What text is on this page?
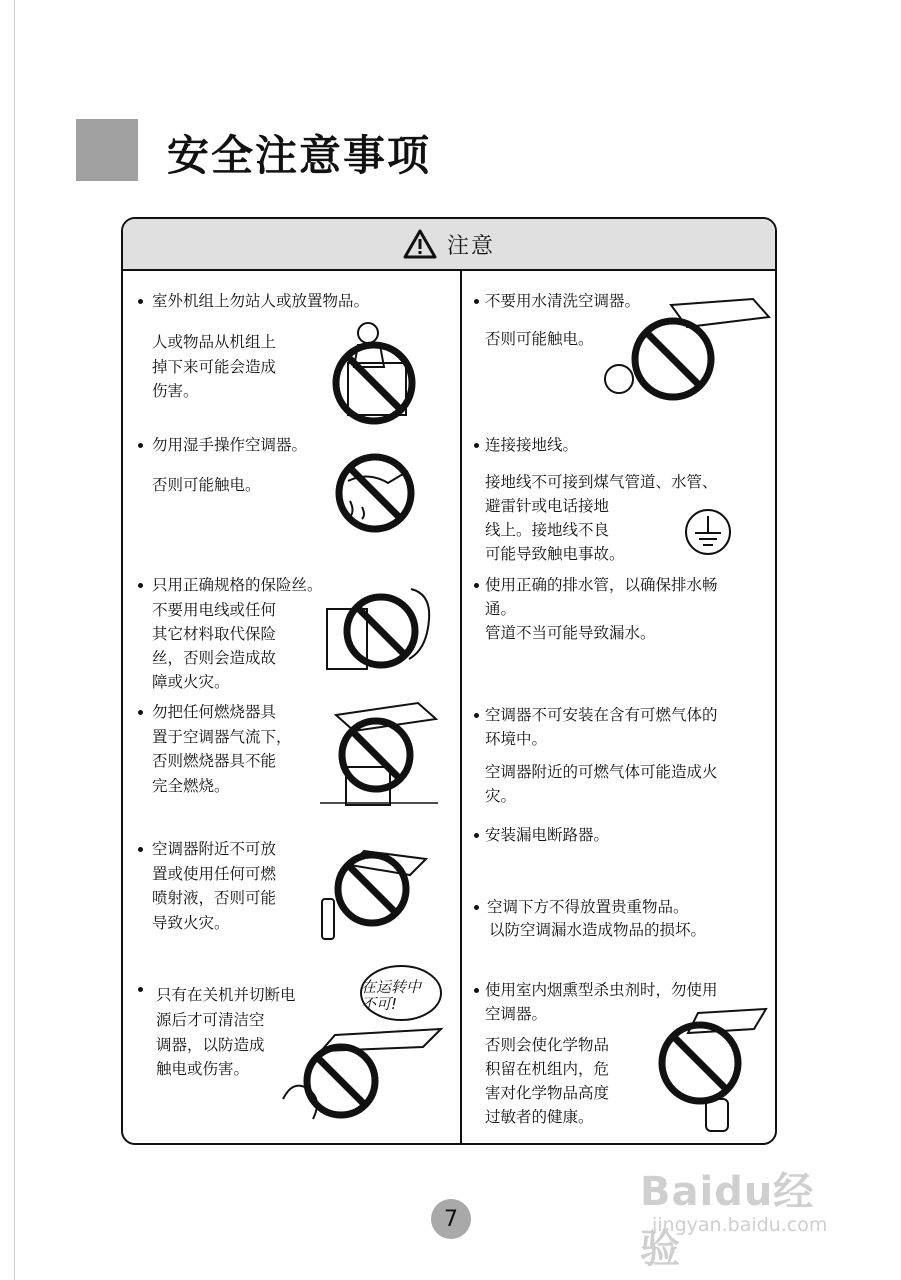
安全注意事项
注意
室外机组上勿站人或放置物品。
人或物品从机组上
掉下来可能会造成
伤害。
勿用湿手操作空调器。
否则可能触电。
只用正确规格的保险丝。
不要用电线或任何
其它材料取代保险
丝，否则会造成故
障或火灾。
勿把任何燃烧器具
置于空调器气流下，
否则燃烧器具不能
完全燃烧。
空调器附近不可放
置或使用任何可燃
喷射液，否则可能
导致火灾。
只有在关机并切断电
源后才可清洁空
调器，以防造成
触电或伤害。
在运转中不可!
不要用水清洗空调器。
否则可能触电。
连接接地线。
接地线不可接到煤气管道、水管、
避雷针或电话接地
线上。接地线不良
可能导致触电事故。
使用正确的排水管，以确保排水畅
通。
管道不当可能导致漏水。
空调器不可安装在含有可燃气体的
环境中。
空调器附近的可燃气体可能造成火
灾。
安装漏电断路器。
空调下方不得放置贵重物品。
以防空调漏水造成物品的损坏。
使用室内烟熏型杀虫剂时，勿使用
空调器。
否则会使化学物品
积留在机组内，危
害对化学物品高度
过敏者的健康。
7
Baidu经验
jingyan.baidu.com
